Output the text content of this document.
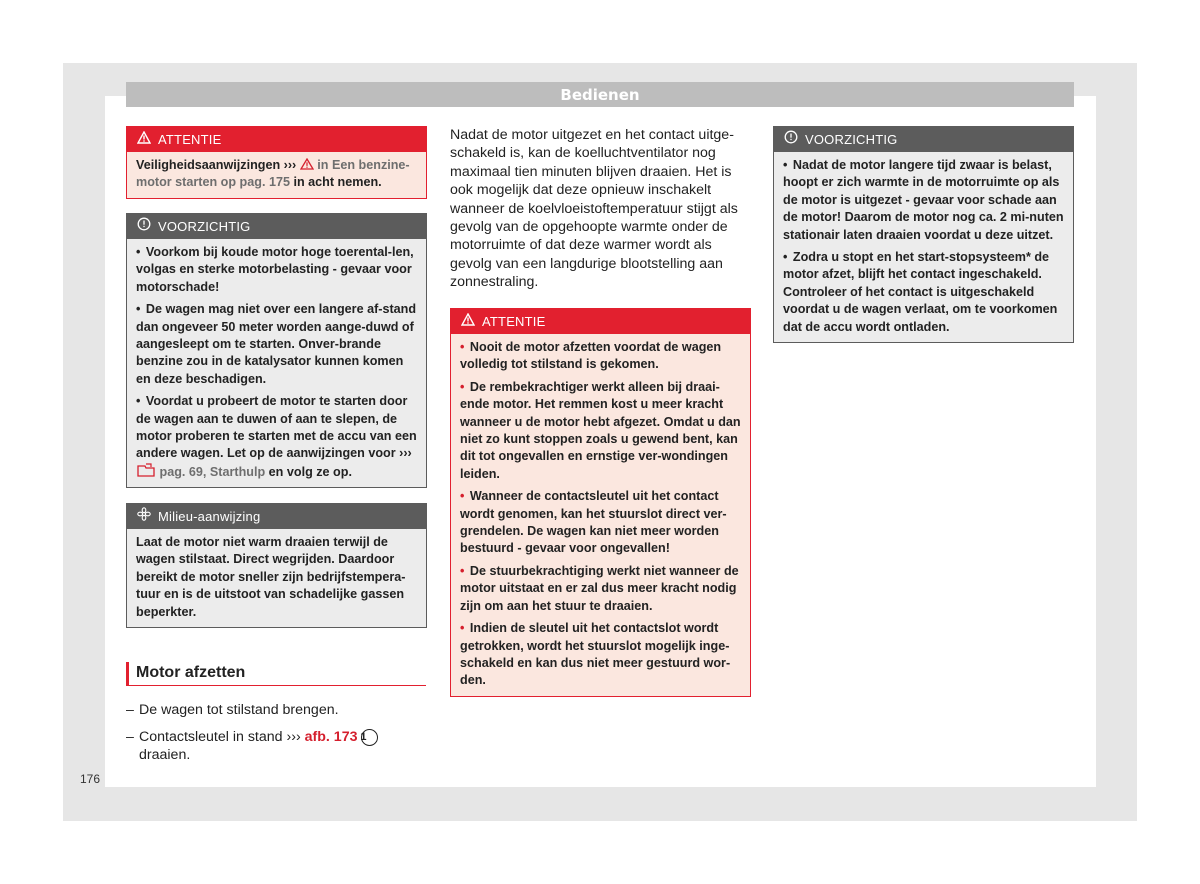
Bedienen
ATTENTIE

Veiligheidsaanwijzingen ››› in Een benzine-motor starten op pag. 175 in acht nemen.

VOORZICHTIG

• Voorkom bij koude motor hoge toerental-len, volgas en sterke motorbelasting - gevaar voor motorschade!

• De wagen mag niet over een langere af-stand dan ongeveer 50 meter worden aange-duwd of aangesleept om te starten. Onver-brande benzine zou in de katalysator kunnen komen en deze beschadigen.

• Voordat u probeert de motor te starten door de wagen aan te duwen of aan te slepen, de motor proberen te starten met de accu van een andere wagen. Let op de aanwijzingen voor ›››  pag. 69, Starthulp en volg ze op.

Milieu-aanwijzing

Laat de motor niet warm draaien terwijl de wagen stilstaat. Direct wegrijden. Daardoor bereikt de motor sneller zijn bedrijfstempera-tuur en is de uitstoot van schadelijke gassen beperkter.

Motor afzetten
– De wagen tot stilstand brengen.
– Contactsleutel in stand ››› afb. 173 1 draaien.
Nadat de motor uitgezet en het contact uitge-schakeld is, kan de koelluchtventilator nog maximaal tien minuten blijven draaien. Het is ook mogelijk dat deze opnieuw inschakelt wanneer de koelvloeistoftemperatuur stijgt als gevolg van de opgehoopte warmte onder de motorruimte of dat deze warmer wordt als gevolg van een langdurige blootstelling aan zonnestraling.
ATTENTIE

• Nooit de motor afzetten voordat de wagen volledig tot stilstand is gekomen.

• De rembekrachtiger werkt alleen bij draai-ende motor. Het remmen kost u meer kracht wanneer u de motor hebt afgezet. Omdat u dan niet zo kunt stoppen zoals u gewend bent, kan dit tot ongevallen en ernstige ver-wondingen leiden.

• Wanneer de contactsleutel uit het contact wordt genomen, kan het stuurslot direct ver-grendelen. De wagen kan niet meer worden bestuurd - gevaar voor ongevallen!

• De stuurbekrachtiging werkt niet wanneer de motor uitstaat en er zal dus meer kracht nodig zijn om aan het stuur te draaien.

• Indien de sleutel uit het contactslot wordt getrokken, wordt het stuurslot mogelijk inge-schakeld en kan dus niet meer gestuurd wor-den.

VOORZICHTIG

• Nadat de motor langere tijd zwaar is belast, hoopt er zich warmte in de motorruimte op als de motor is uitgezet - gevaar voor schade aan de motor! Daarom de motor nog ca. 2 mi-nuten stationair laten draaien voordat u deze uitzet.

• Zodra u stopt en het start-stopsysteem* de motor afzet, blijft het contact ingeschakeld. Controleer of het contact is uitgeschakeld voordat u de wagen verlaat, om te voorkomen dat de accu wordt ontladen.

176
